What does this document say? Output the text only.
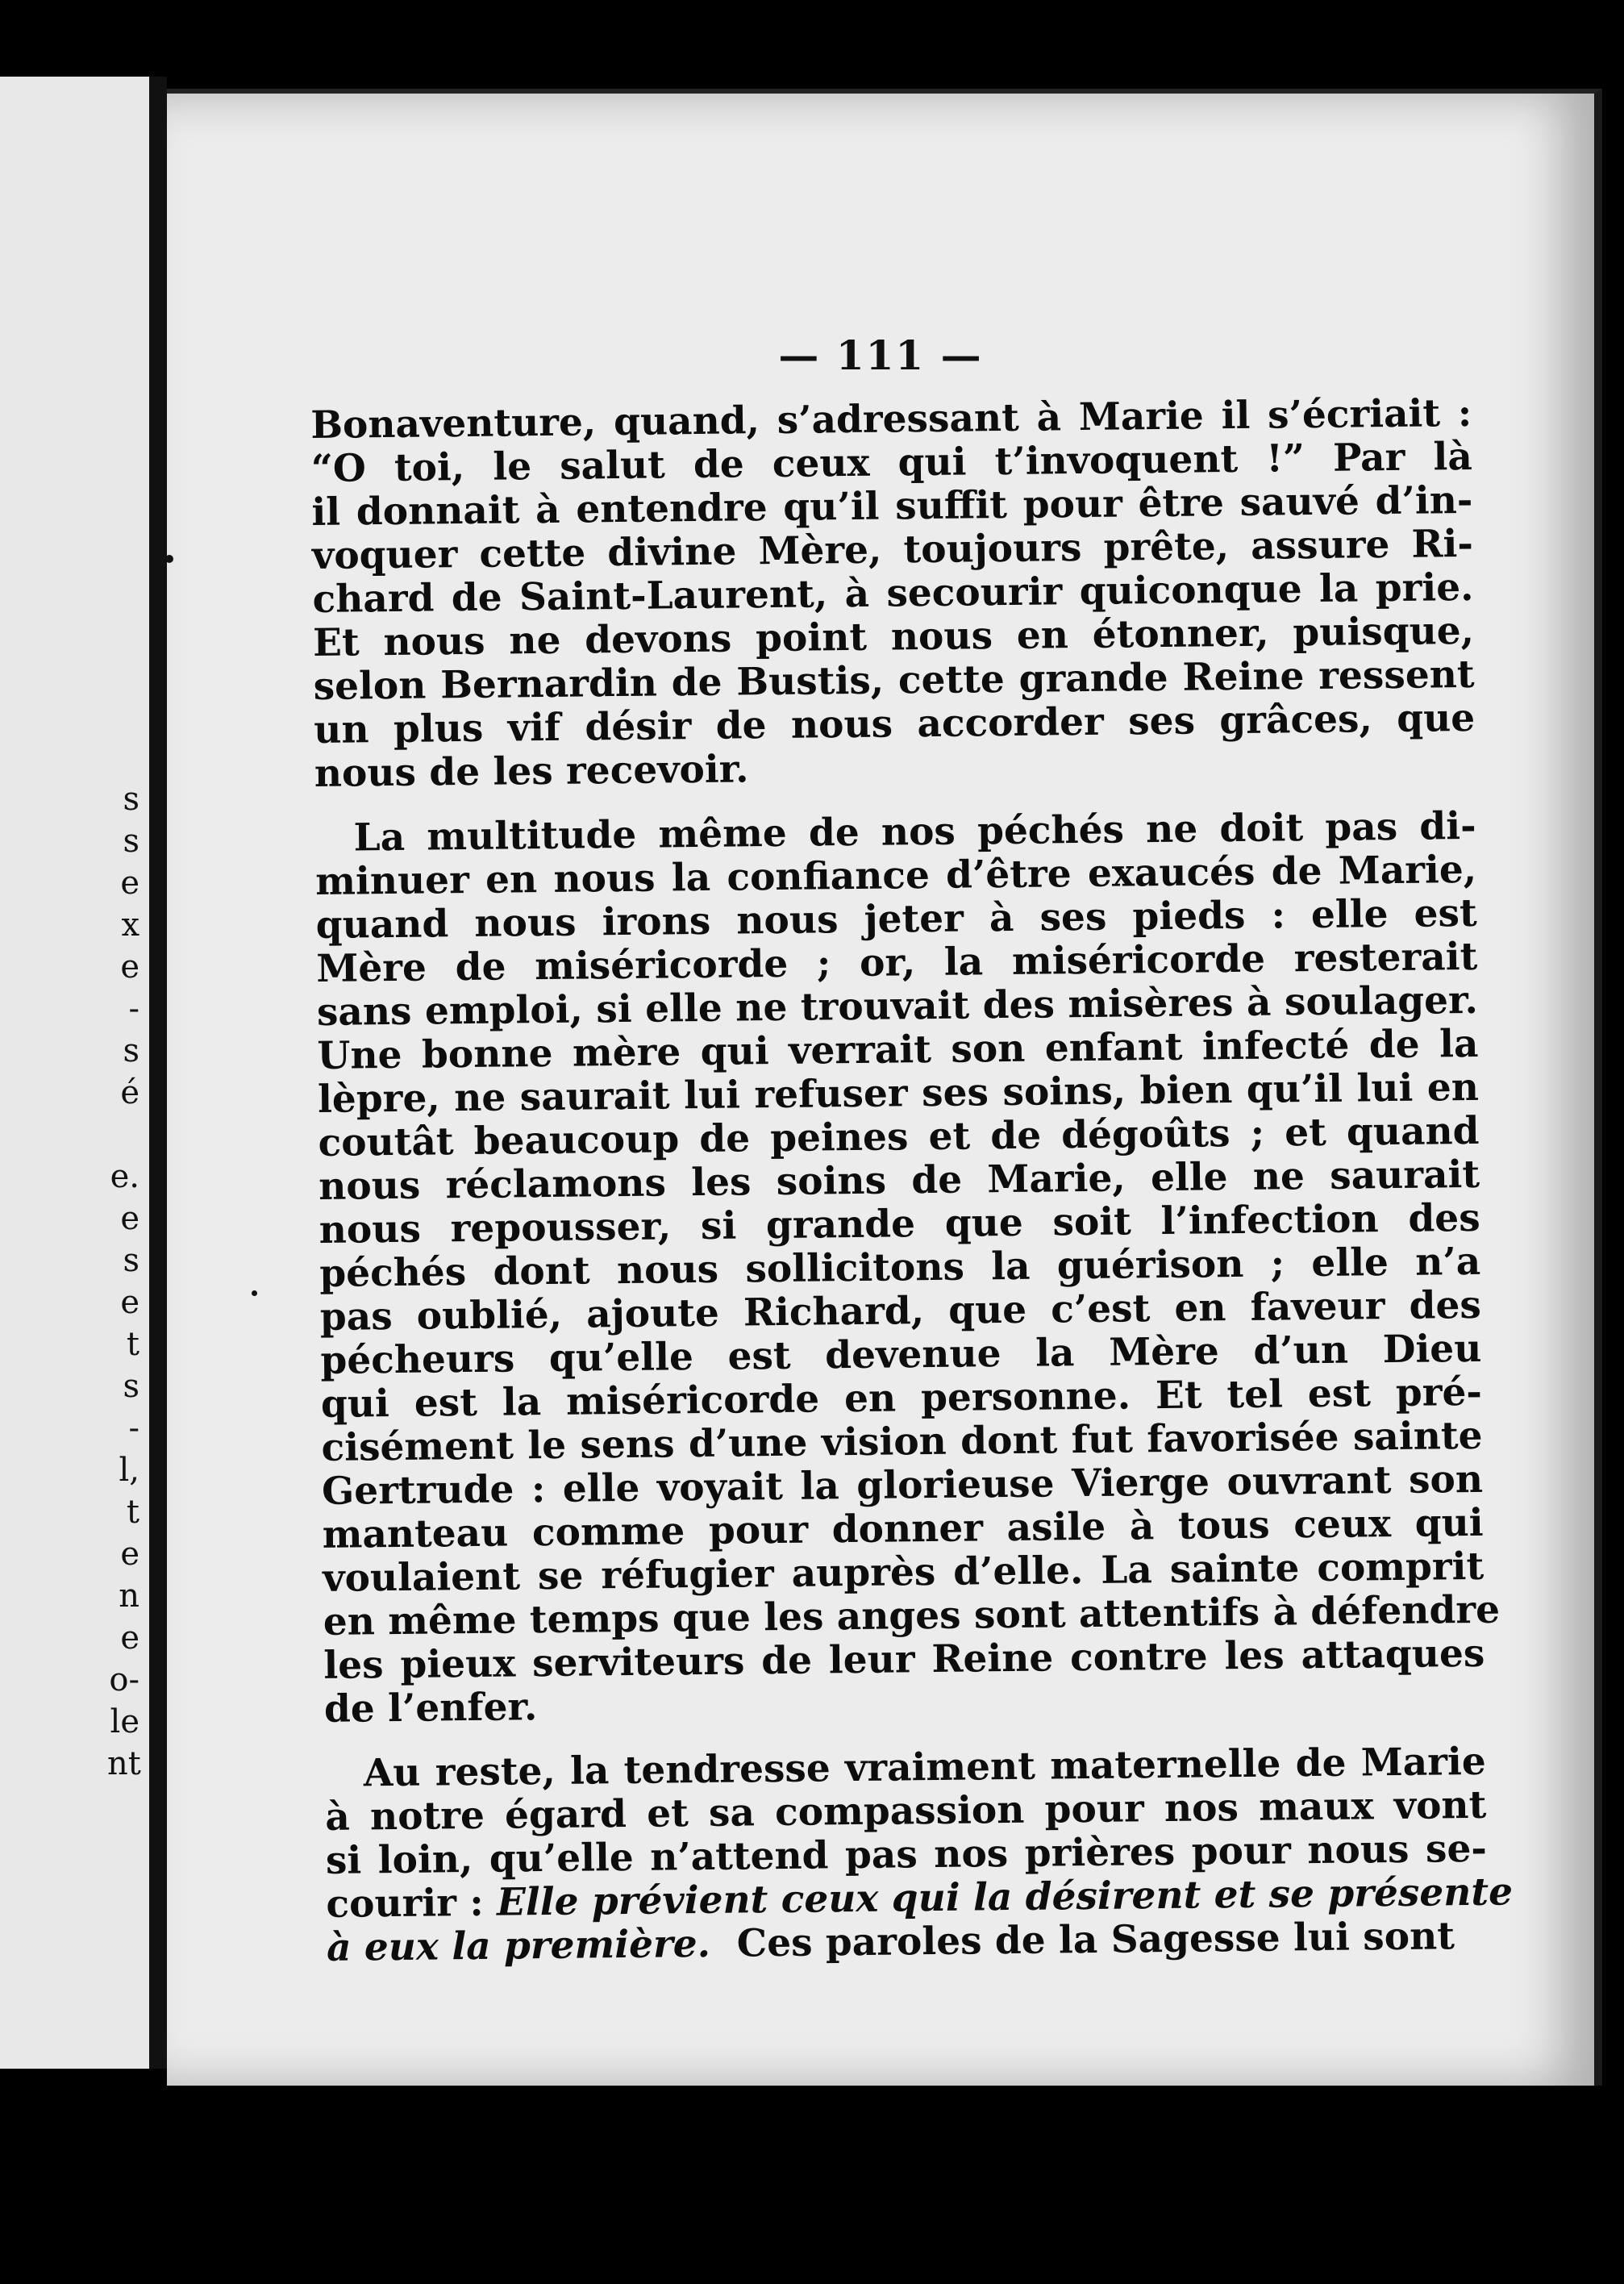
s
s
e
x
e
-
s
é

e.
e
s
e
t
s
-
l,
t
e
n
e
o-
le
nt
— 111 —
Bonaventure, quand, s’adressant à Marie il s’écriait :
“O toi, le salut de ceux qui t’invoquent !” Par là
il donnait à entendre qu’il suffit pour être sauvé d’in-
voquer cette divine Mère, toujours prête, assure Ri-
chard de Saint-Laurent, à secourir quiconque la prie.
Et nous ne devons point nous en étonner, puisque,
selon Bernardin de Bustis, cette grande Reine ressent
un plus vif désir de nous accorder ses grâces, que
nous de les recevoir.
La multitude même de nos péchés ne doit pas di-
minuer en nous la confiance d’être exaucés de Marie,
quand nous irons nous jeter à ses pieds : elle est
Mère de miséricorde ; or, la miséricorde resterait
sans emploi, si elle ne trouvait des misères à soulager.
Une bonne mère qui verrait son enfant infecté de la
lèpre, ne saurait lui refuser ses soins, bien qu’il lui en
coutât beaucoup de peines et de dégoûts ; et quand
nous réclamons les soins de Marie, elle ne saurait
nous repousser, si grande que soit l’infection des
péchés dont nous sollicitons la guérison ; elle n’a
pas oublié, ajoute Richard, que c’est en faveur des
pécheurs qu’elle est devenue la Mère d’un Dieu
qui est la miséricorde en personne. Et tel est pré-
cisément le sens d’une vision dont fut favorisée sainte
Gertrude : elle voyait la glorieuse Vierge ouvrant son
manteau comme pour donner asile à tous ceux qui
voulaient se réfugier auprès d’elle. La sainte comprit
en même temps que les anges sont attentifs à défendre
les pieux serviteurs de leur Reine contre les attaques
de l’enfer.
Au reste, la tendresse vraiment maternelle de Marie
à notre égard et sa compassion pour nos maux vont
si loin, qu’elle n’attend pas nos prières pour nous se-
courir : Elle prévient ceux qui la désirent et se présente
à eux la première. Ces paroles de la Sagesse lui sont
